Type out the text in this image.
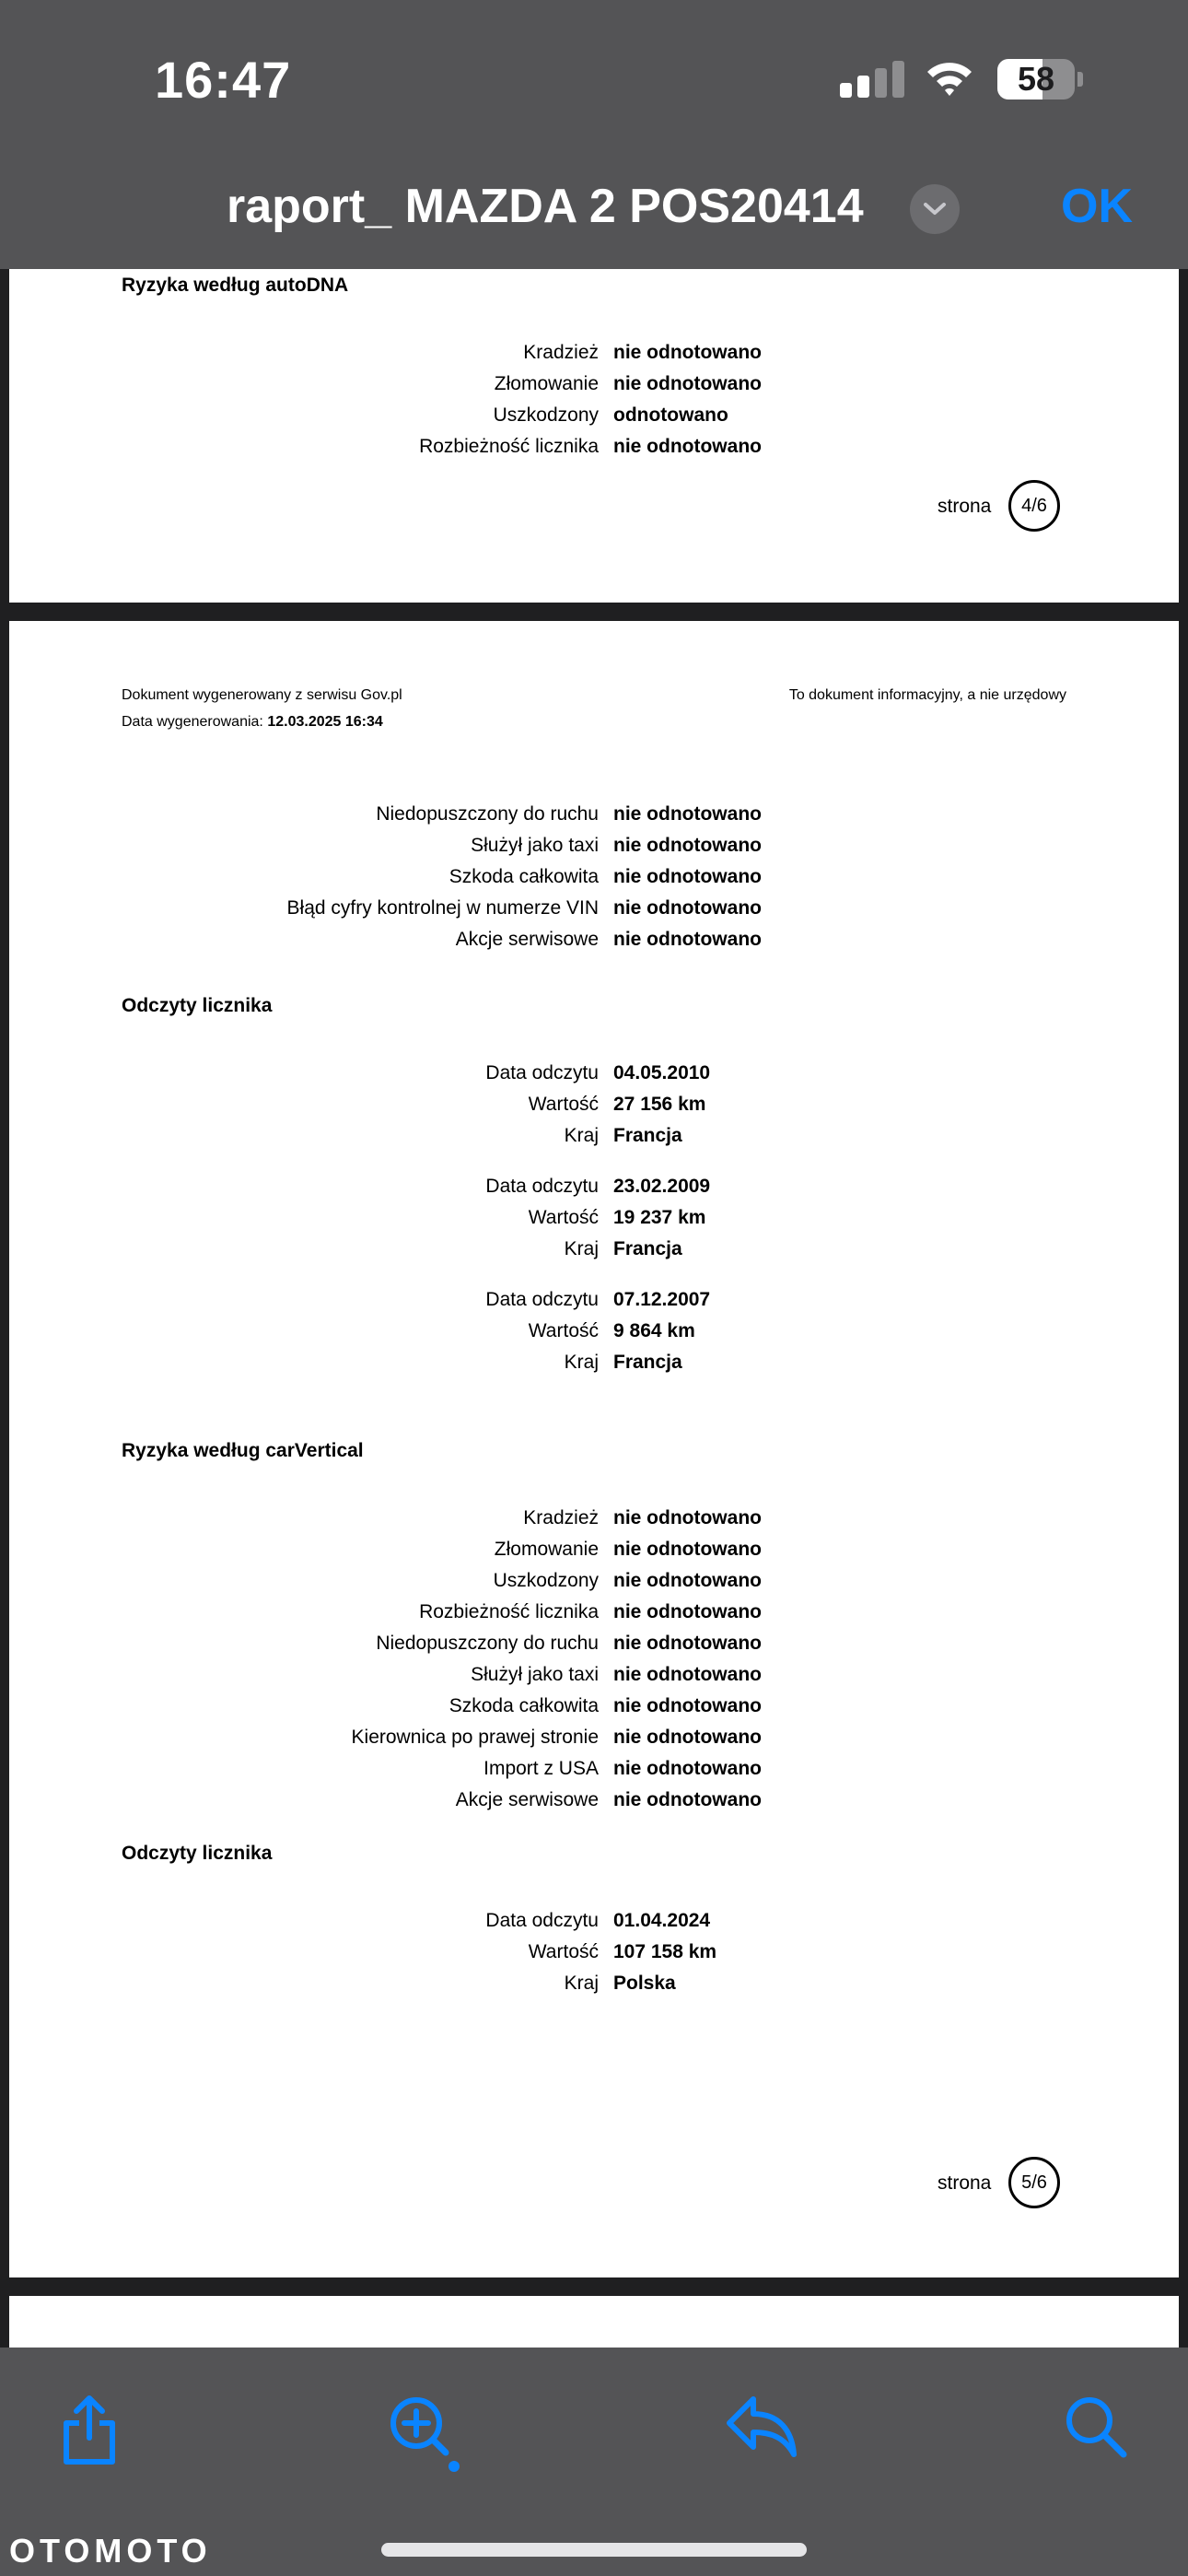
16:47	58
raport_ MAZDA 2 POS20414	OK
Ryzyka według autoDNA
Kradzież nie odnotowano
Złomowanie nie odnotowano
Uszkodzony odnotowano
Rozbieżność licznika nie odnotowano
strona	4/6
Dokument wygenerowany z serwisu Gov.pl
Data wygenerowania: 12.03.2025 16:34
To dokument informacyjny, a nie urzędowy
Niedopuszczony do ruchu nie odnotowano
Służył jako taxi nie odnotowano
Szkoda całkowita nie odnotowano
Błąd cyfry kontrolnej w numerze VIN nie odnotowano
Akcje serwisowe nie odnotowano
Odczyty licznika
Data odczytu 04.05.2010
Wartość 27 156 km
Kraj Francja
Data odczytu 23.02.2009
Wartość 19 237 km
Kraj Francja
Data odczytu 07.12.2007
Wartość 9 864 km
Kraj Francja
Ryzyka według carVertical
Kradzież nie odnotowano
Złomowanie nie odnotowano
Uszkodzony nie odnotowano
Rozbieżność licznika nie odnotowano
Niedopuszczony do ruchu nie odnotowano
Służył jako taxi nie odnotowano
Szkoda całkowita nie odnotowano
Kierownica po prawej stronie nie odnotowano
Import z USA nie odnotowano
Akcje serwisowe nie odnotowano
Odczyty licznika
Data odczytu 01.04.2024
Wartość 107 158 km
Kraj Polska
strona	5/6
OTOMOTO
